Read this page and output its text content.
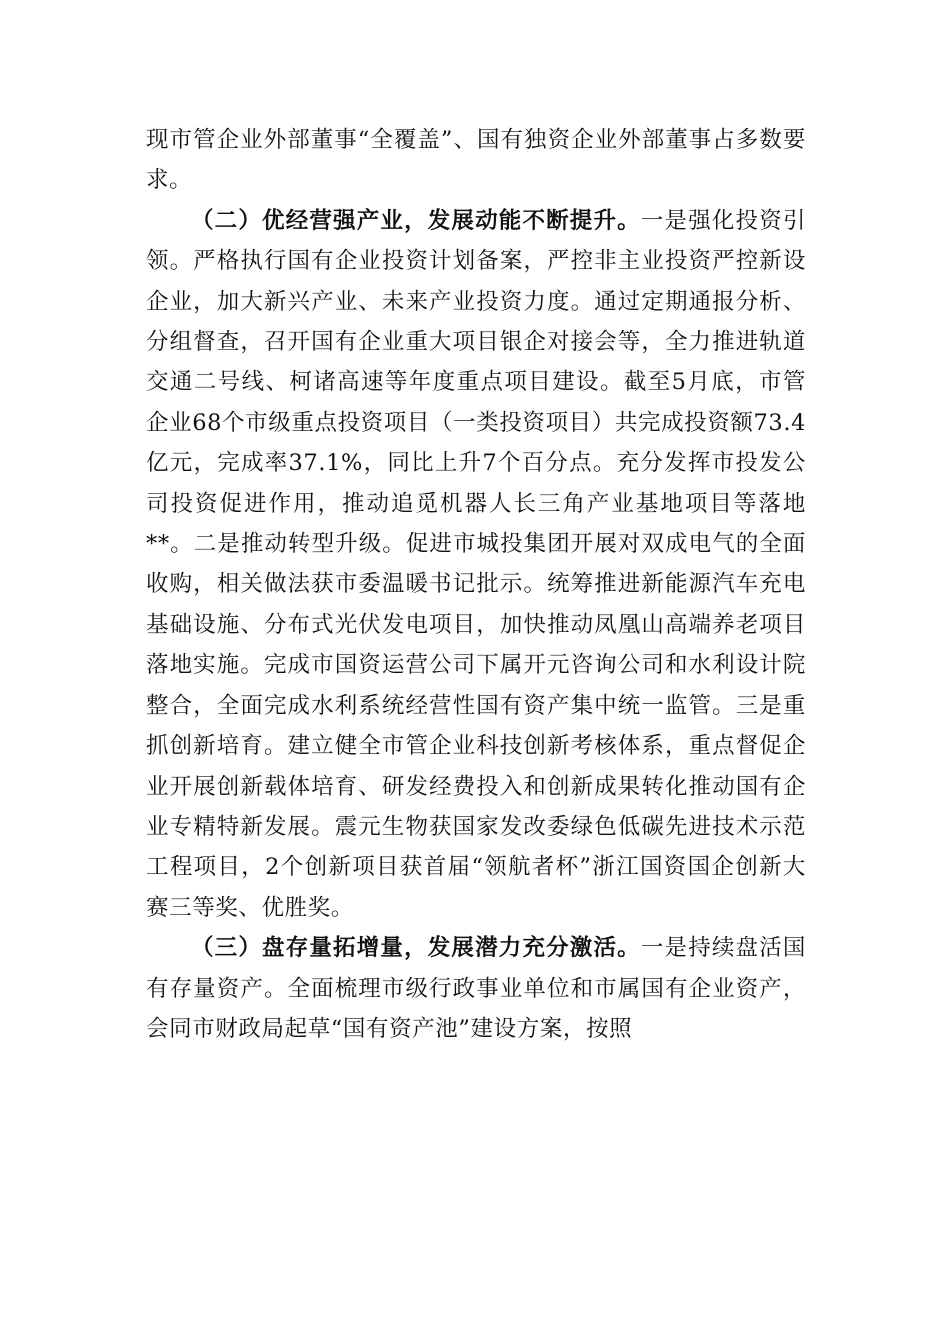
现市管企业外部董事“全覆盖”、国有独资企业外部董事占多数要求。

（二）优经营强产业，发展动能不断提升。一是强化投资引领。严格执行国有企业投资计划备案，严控非主业投资严控新设企业，加大新兴产业、未来产业投资力度。通过定期通报分析、分组督查，召开国有企业重大项目银企对接会等，全力推进轨道交通二号线、柯诸高速等年度重点项目建设。截至5月底，市管企业68个市级重点投资项目（一类投资项目）共完成投资额73.4亿元，完成率37.1%，同比上升7个百分点。充分发挥市投发公司投资促进作用，推动追觅机器人长三角产业基地项目等落地**。二是推动转型升级。促进市城投集团开展对双成电气的全面收购，相关做法获市委温暖书记批示。统筹推进新能源汽车充电基础设施、分布式光伏发电项目，加快推动凤凰山高端养老项目落地实施。完成市国资运营公司下属开元咨询公司和水利设计院整合，全面完成水利系统经营性国有资产集中统一监管。三是重抓创新培育。建立健全市管企业科技创新考核体系，重点督促企业开展创新载体培育、研发经费投入和创新成果转化推动国有企业专精特新发展。震元生物获国家发改委绿色低碳先进技术示范工程项目，2个创新项目获首届“领航者杯”浙江国资国企创新大赛三等奖、优胜奖。

（三）盘存量拓增量，发展潜力充分激活。一是持续盘活国有存量资产。全面梳理市级行政事业单位和市属国有企业资产，会同市财政局起草“国有资产池”建设方案，按照
